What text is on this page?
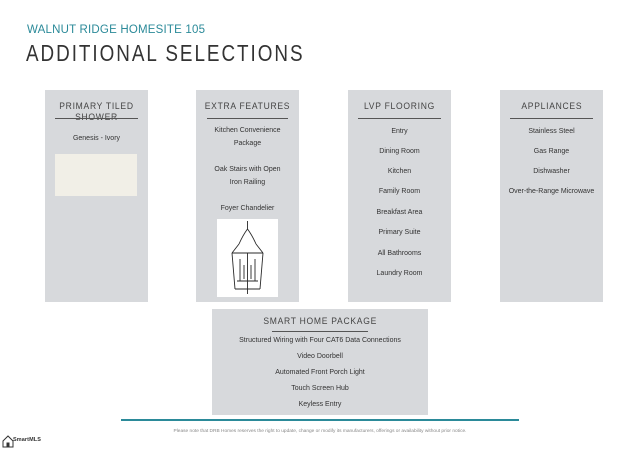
WALNUT RIDGE HOMESITE 105
ADDITIONAL SELECTIONS
PRIMARY TILED
Genesis - Ivory
EXTRA FEATURES
Kitchen Convenience Package
Oak Stairs with Open Iron Railing
Foyer Chandelier
LVP FLOORING
Entry
Dining Room
Kitchen
Family Room
Breakfast Area
Primary Suite
All Bathrooms
Laundry Room
APPLIANCES
Stainless Steel
Gas Range
Dishwasher
Over-the-Range Microwave
SMART HOME PACKAGE
Structured Wiring with Four CAT6 Data Connections
Video Doorbell
Automated Front Porch Light
Touch Screen Hub
Keyless Entry
Please note that DRB Homes reserves the right to update, change or modify its manufacturers, offerings or availability without prior notice.
SmartMLS
